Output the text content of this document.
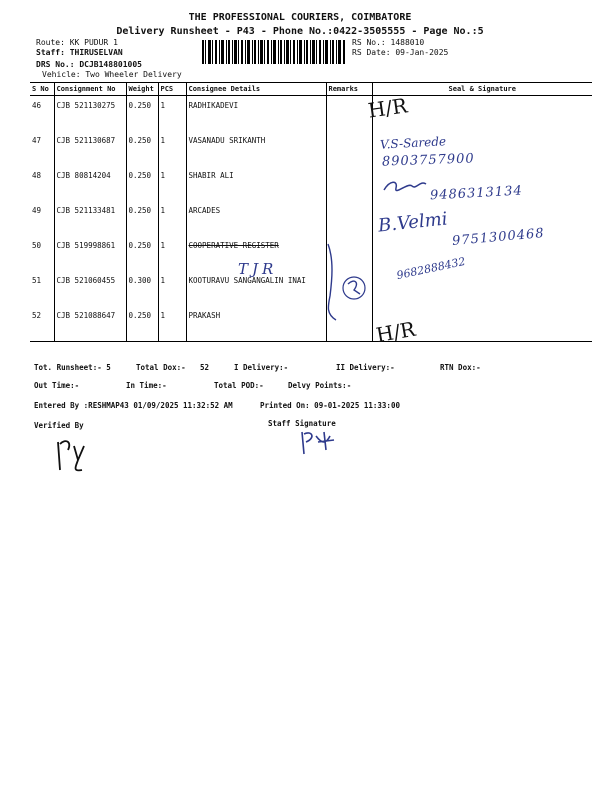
THE PROFESSIONAL COURIERS, COIMBATORE
Delivery Runsheet - P43 - Phone No.:0422-3505555 - Page No.:5
Route: KK PUDUR 1
Staff: THIRUSELVAN
DRS No.: DCJB148801005
Vehicle: Two Wheeler Delivery
RS No.: 1488010
RS Date: 09-Jan-2025
S No	Consignment No	Weight	PCS	Consignee Details	Remarks	Seal & Signature
46	CJB 521130275	0.250	1	RADHIKADEVI		
47	CJB 521130687	0.250	1	VASANADU SRIKANTH		
48	CJB 80814204	0.250	1	SHABIR ALI		
49	CJB 521133481	0.250	1	ARCADES		
50	CJB 519998861	0.250	1	COOPERATIVE REGISTER		
51	CJB 521060455	0.300	1	KOOTURAVU SANGANGALIN INAI		
52	CJB 521088647	0.250	1	PRAKASH		
H/R
V.S-Sarede
8903757900
9486313134
B.Velmi
9751300468
9682888432
TJR
H/R
Tot. Runsheet:- 5	Total Dox:- 52	I Delivery:-	II Delivery:-	RTN Dox:-
Out Time:-	In Time:-	Total POD:-	Delvy Points:-
Entered By :RESHMAP43 01/09/2025 11:32:52 AM	Printed On: 09-01-2025 11:33:00
Verified By	Staff Signature
